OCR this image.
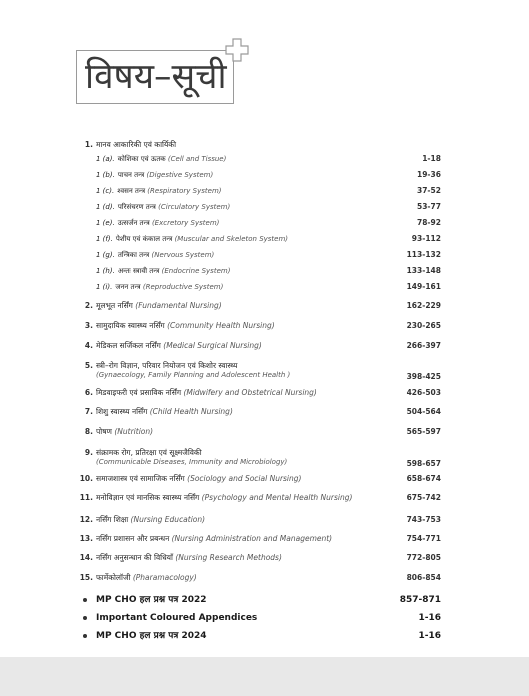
विषय–सूची
1. मानव आकारिकी एवं कार्यिकी
1 (a). कोशिका एवं ऊतक (Cell and Tissue)	1-18
1 (b). पाचन तन्त्र (Digestive System)	19-36
1 (c). श्वसन तन्त्र (Respiratory System)	37-52
1 (d). परिसंचरण तन्त्र (Circulatory System)	53-77
1 (e). उत्सर्जन तन्त्र (Excretory System)	78-92
1 (f). पेशीय एवं कंकाल तन्त्र (Muscular and Skeleton System)	93-112
1 (g). तन्त्रिका तन्त्र (Nervous System)	113-132
1 (h). अन्तः स्त्रावी तन्त्र (Endocrine System)	133-148
1 (i). जनन तन्त्र (Reproductive System)	149-161
2. मूलभूत नर्सिंग (Fundamental Nursing)	162-229
3. सामुदायिक स्वास्थ्य नर्सिंग (Community Health Nursing)	230-265
4. मेडिकल सर्जिकल नर्सिंग (Medical Surgical Nursing)	266-397
5. स्त्री–रोग विज्ञान, परिवार नियोजन एवं किशोर स्वास्थ्य
(Gynaecology, Family Planning and Adolescent Health )	398-425
6. मिडवाइफरी एवं प्रसाविक नर्सिंग (Midwifery and Obstetrical Nursing)	426-503
7. शिशु स्वास्थ्य नर्सिंग (Child Health Nursing)	504-564
8. पोषण (Nutrition)	565-597
9. संक्रामक रोग, प्रतिरक्षा एवं सूक्ष्मजैविकी
(Communicable Diseases, Immunity and Microbiology)	598-657
10. समाजशास्त्र एवं सामाजिक नर्सिंग (Sociology and Social Nursing)	658-674
11. मनोविज्ञान एवं मानसिक स्वास्थ्य नर्सिंग (Psychology and Mental Health Nursing)	675-742
12. नर्सिंग शिक्षा (Nursing Education)	743-753
13. नर्सिंग प्रशासन और प्रबन्धन (Nursing Administration and Management)	754-771
14. नर्सिंग अनुसन्धान की विधियाँ (Nursing Research Methods)	772-805
15. फार्मेकोलॉजी (Pharamacology)	806-854
MP CHO हल प्रश्न पत्र 2022	857-871
Important Coloured Appendices	1-16
MP CHO हल प्रश्न पत्र 2024	1-16
